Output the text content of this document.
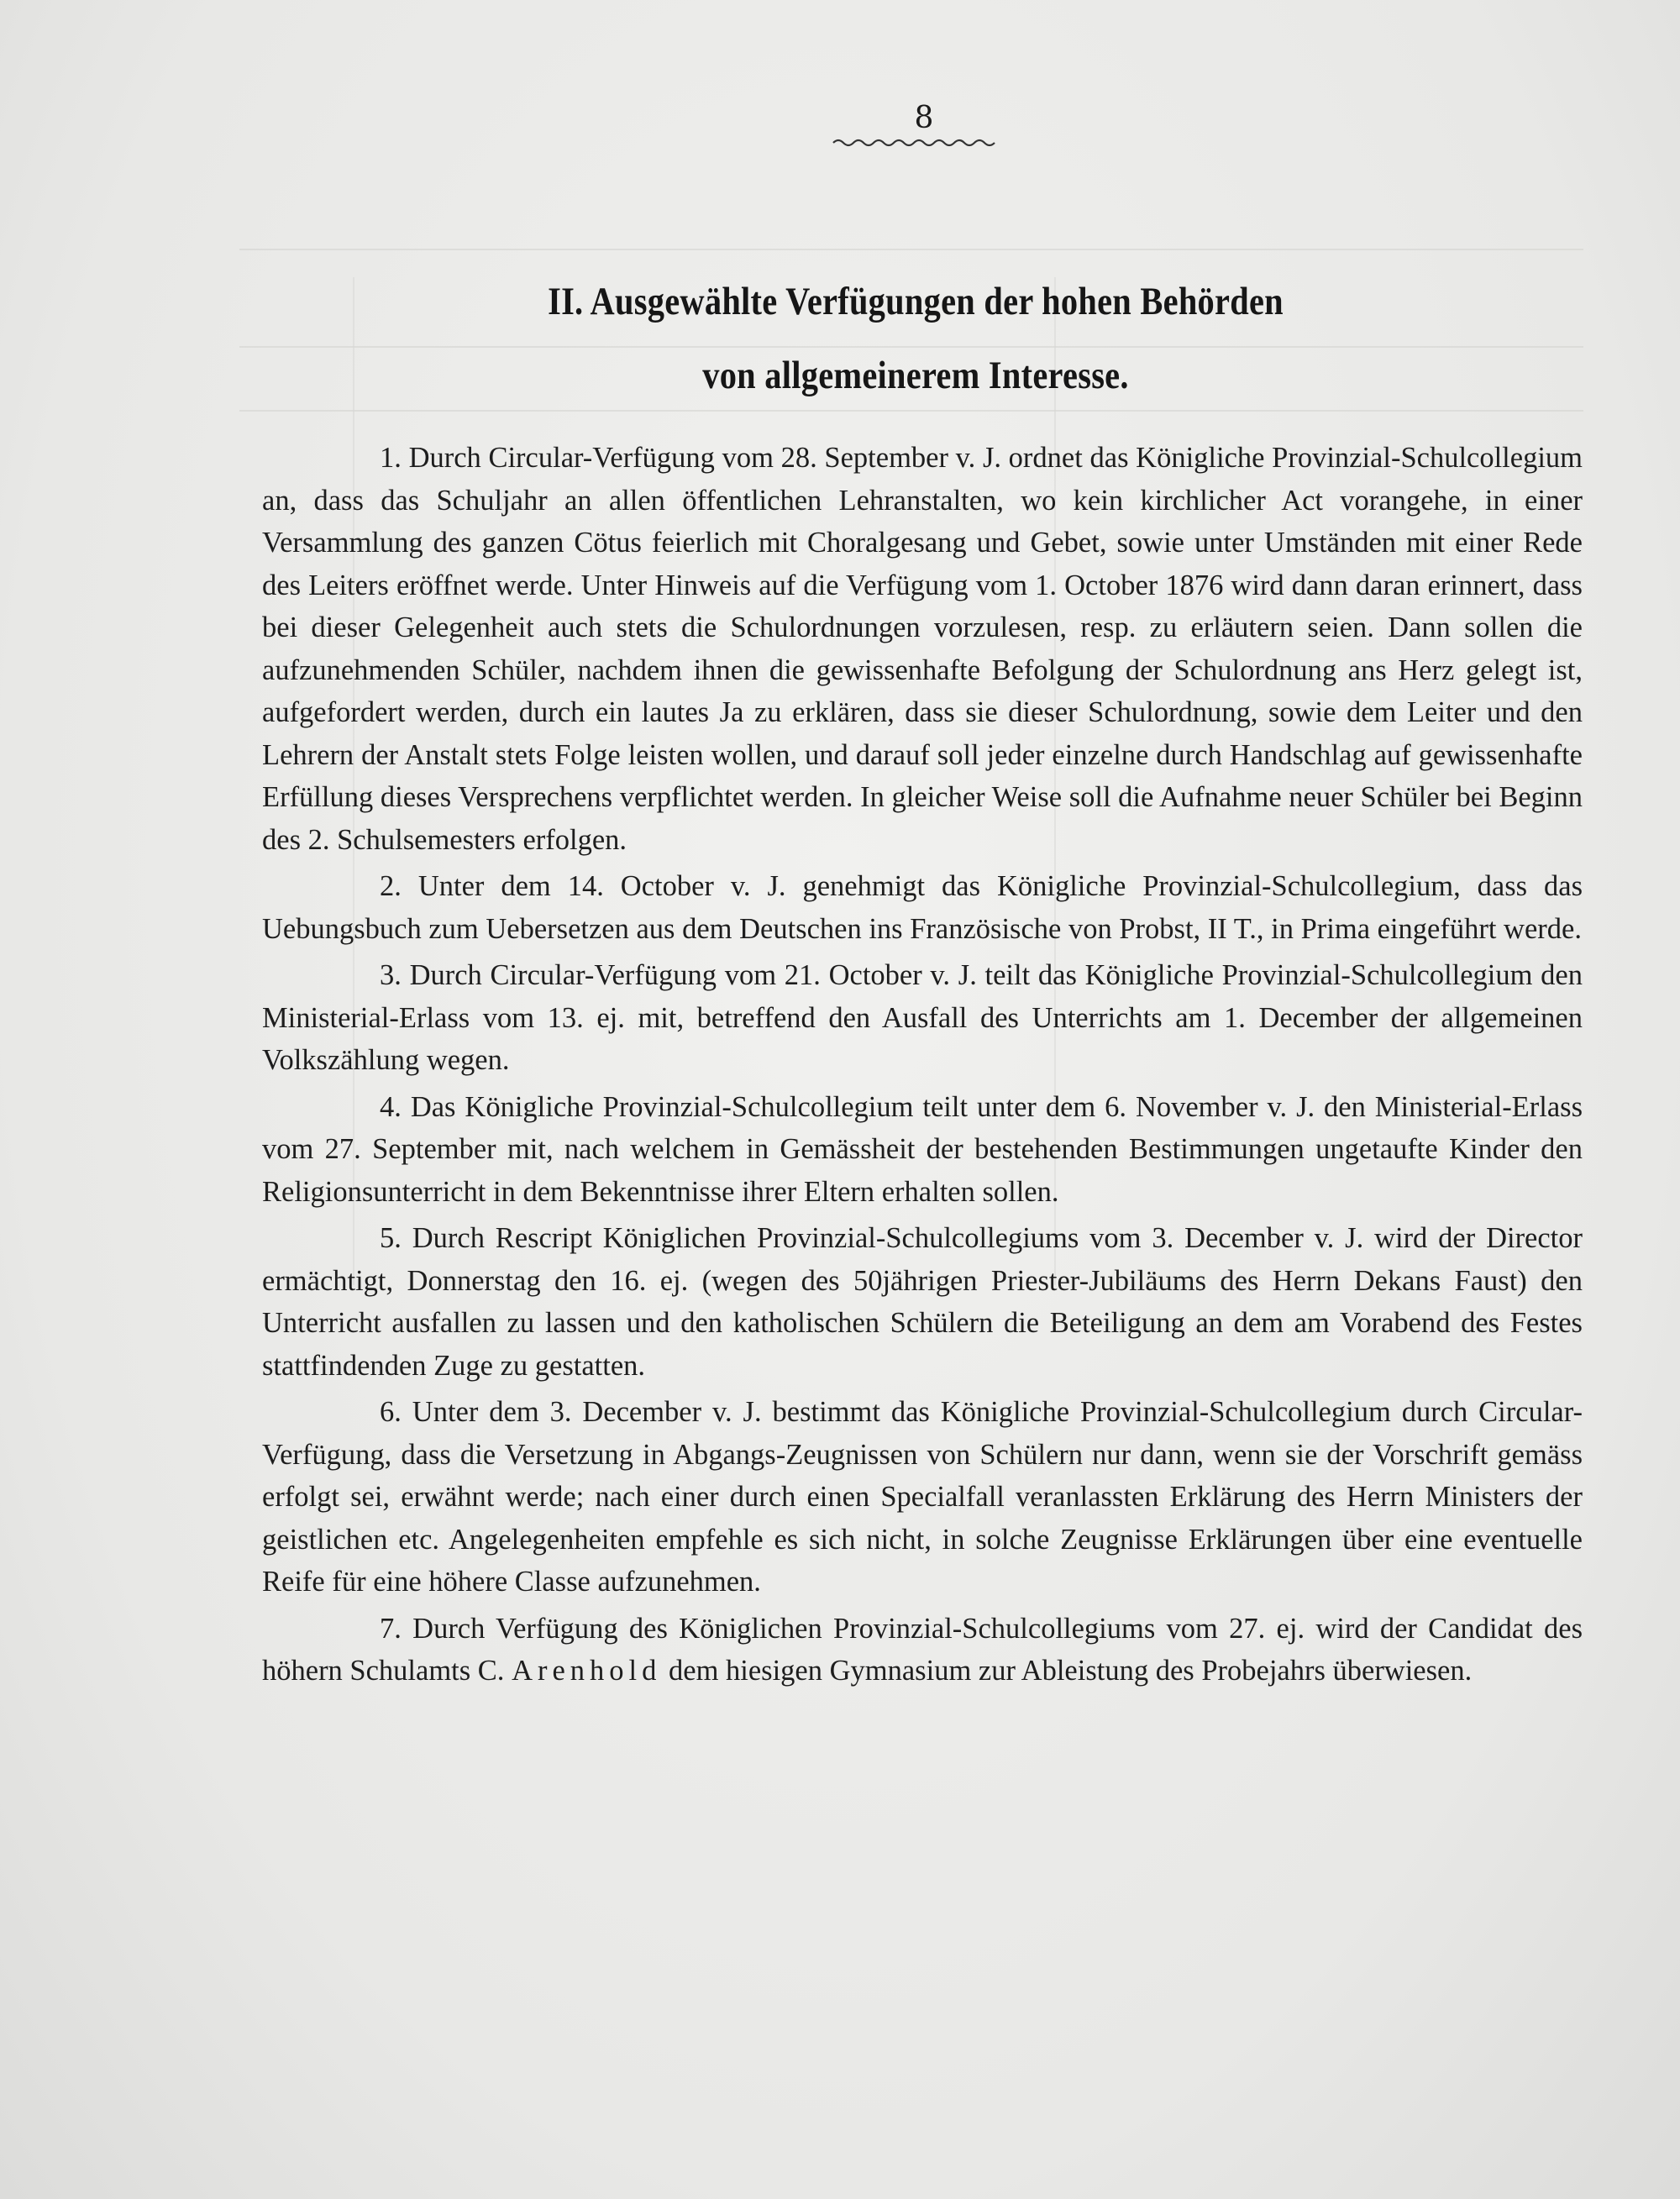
8
II. Ausgewählte Verfügungen der hohen Behörden
von allgemeinerem Interesse.

1. Durch Circular-Verfügung vom 28. September v. J. ordnet das Königliche Provinzial-Schulcollegium an, dass das Schuljahr an allen öffentlichen Lehranstalten, wo kein kirchlicher Act vorangehe, in einer Versammlung des ganzen Cötus feierlich mit Choralgesang und Gebet, sowie unter Umständen mit einer Rede des Leiters eröffnet werde. Unter Hinweis auf die Verfügung vom 1. October 1876 wird dann daran erinnert, dass bei dieser Gelegenheit auch stets die Schulordnungen vorzulesen, resp. zu erläutern seien. Dann sollen die aufzunehmenden Schüler, nachdem ihnen die gewissenhafte Befolgung der Schulordnung ans Herz gelegt ist, aufgefordert werden, durch ein lautes Ja zu erklären, dass sie dieser Schulordnung, sowie dem Leiter und den Lehrern der Anstalt stets Folge leisten wollen, und darauf soll jeder einzelne durch Handschlag auf gewissenhafte Erfüllung dieses Versprechens verpflichtet werden. In gleicher Weise soll die Aufnahme neuer Schüler bei Beginn des 2. Schulsemesters erfolgen.

2. Unter dem 14. October v. J. genehmigt das Königliche Provinzial-Schulcollegium, dass das Uebungsbuch zum Uebersetzen aus dem Deutschen ins Französische von Probst, II T., in Prima eingeführt werde.

3. Durch Circular-Verfügung vom 21. October v. J. teilt das Königliche Provinzial-Schulcollegium den Ministerial-Erlass vom 13. ej. mit, betreffend den Ausfall des Unterrichts am 1. December der allgemeinen Volkszählung wegen.

4. Das Königliche Provinzial-Schulcollegium teilt unter dem 6. November v. J. den Ministerial-Erlass vom 27. September mit, nach welchem in Gemässheit der bestehenden Bestimmungen ungetaufte Kinder den Religionsunterricht in dem Bekenntnisse ihrer Eltern erhalten sollen.

5. Durch Rescript Königlichen Provinzial-Schulcollegiums vom 3. December v. J. wird der Director ermächtigt, Donnerstag den 16. ej. (wegen des 50jährigen Priester-Jubiläums des Herrn Dekans Faust) den Unterricht ausfallen zu lassen und den katholischen Schülern die Beteiligung an dem am Vorabend des Festes stattfindenden Zuge zu gestatten.

6. Unter dem 3. December v. J. bestimmt das Königliche Provinzial-Schulcollegium durch Circular-Verfügung, dass die Versetzung in Abgangs-Zeugnissen von Schülern nur dann, wenn sie der Vorschrift gemäss erfolgt sei, erwähnt werde; nach einer durch einen Specialfall veranlassten Erklärung des Herrn Ministers der geistlichen etc. Angelegenheiten empfehle es sich nicht, in solche Zeugnisse Erklärungen über eine eventuelle Reife für eine höhere Classe aufzunehmen.

7. Durch Verfügung des Königlichen Provinzial-Schulcollegiums vom 27. ej. wird der Candidat des höhern Schulamts C. Arenhold dem hiesigen Gymnasium zur Ableistung des Probejahrs überwiesen.
